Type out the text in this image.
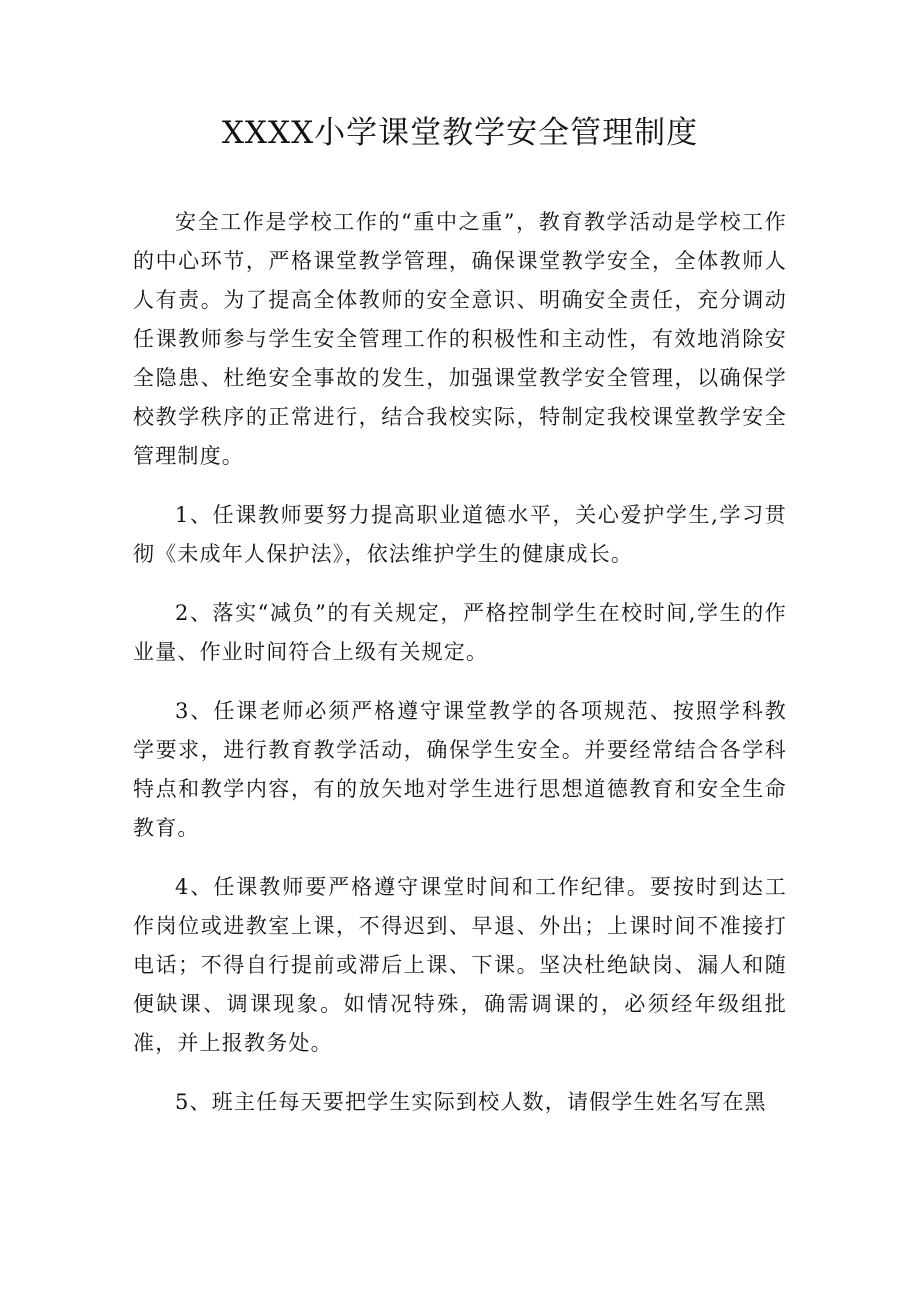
XXXX小学课堂教学安全管理制度

安全工作是学校工作的“重中之重”，教育教学活动是学校工作的中心环节，严格课堂教学管理，确保课堂教学安全，全体教师人人有责。为了提高全体教师的安全意识、明确安全责任，充分调动任课教师参与学生安全管理工作的积极性和主动性，有效地消除安全隐患、杜绝安全事故的发生，加强课堂教学安全管理，以确保学校教学秩序的正常进行，结合我校实际，特制定我校课堂教学安全管理制度。

1、任课教师要努力提高职业道德水平，关心爱护学生,学习贯彻《未成年人保护法》，依法维护学生的健康成长。

2、落实“减负”的有关规定，严格控制学生在校时间,学生的作业量、作业时间符合上级有关规定。

3、任课老师必须严格遵守课堂教学的各项规范、按照学科教学要求，进行教育教学活动，确保学生安全。并要经常结合各学科特点和教学内容，有的放矢地对学生进行思想道德教育和安全生命教育。

4、任课教师要严格遵守课堂时间和工作纪律。要按时到达工作岗位或进教室上课，不得迟到、早退、外出；上课时间不准接打电话；不得自行提前或滞后上课、下课。坚决杜绝缺岗、漏人和随便缺课、调课现象。如情况特殊，确需调课的，必须经年级组批准，并上报教务处。

5、班主任每天要把学生实际到校人数，请假学生姓名写在黑
